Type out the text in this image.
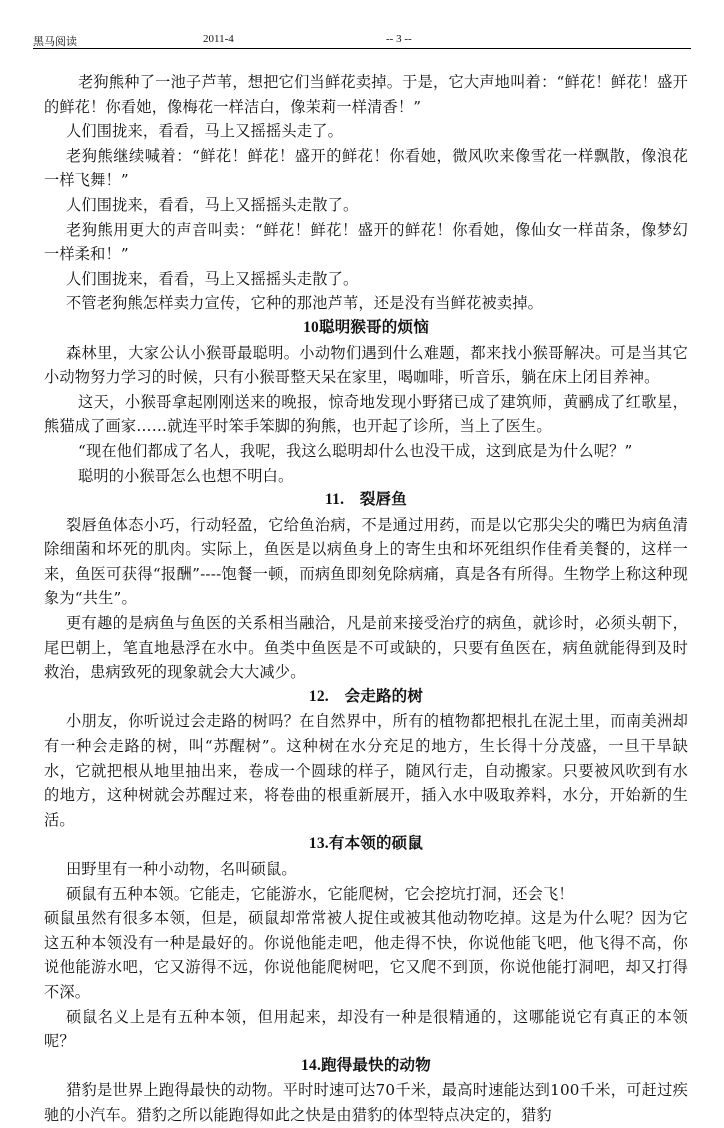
黑马阅读	2011-4	-- 3 --

老狗熊种了一池子芦苇，想把它们当鲜花卖掉。于是，它大声地叫着：“鲜花！鲜花！盛开的鲜花！你看她，像梅花一样洁白，像茉莉一样清香！”

人们围拢来，看看，马上又摇摇头走了。

老狗熊继续喊着：“鲜花！鲜花！盛开的鲜花！你看她，微风吹来像雪花一样飘散，像浪花一样飞舞！”

人们围拢来，看看，马上又摇摇头走散了。

老狗熊用更大的声音叫卖：“鲜花！鲜花！盛开的鲜花！你看她，像仙女一样苗条，像梦幻一样柔和！”

人们围拢来，看看，马上又摇摇头走散了。

不管老狗熊怎样卖力宣传，它种的那池芦苇，还是没有当鲜花被卖掉。

10聪明猴哥的烦恼

森林里，大家公认小猴哥最聪明。小动物们遇到什么难题，都来找小猴哥解决。可是当其它小动物努力学习的时候，只有小猴哥整天呆在家里，喝咖啡，听音乐，躺在床上闭目养神。

这天，小猴哥拿起刚刚送来的晚报，惊奇地发现小野猪已成了建筑师，黄鹂成了红歌星，熊猫成了画家……就连平时笨手笨脚的狗熊，也开起了诊所，当上了医生。

“现在他们都成了名人，我呢，我这么聪明却什么也没干成，这到底是为什么呢？”

聪明的小猴哥怎么也想不明白。

11.　裂唇鱼

裂唇鱼体态小巧，行动轻盈，它给鱼治病，不是通过用药，而是以它那尖尖的嘴巴为病鱼清除细菌和坏死的肌肉。实际上，鱼医是以病鱼身上的寄生虫和坏死组织作佳肴美餐的，这样一来，鱼医可获得“报酬”----饱餐一顿，而病鱼即刻免除病痛，真是各有所得。生物学上称这种现象为“共生”。

更有趣的是病鱼与鱼医的关系相当融洽，凡是前来接受治疗的病鱼，就诊时，必须头朝下，尾巴朝上，笔直地悬浮在水中。鱼类中鱼医是不可或缺的，只要有鱼医在，病鱼就能得到及时救治，患病致死的现象就会大大减少。

12.　会走路的树

小朋友，你听说过会走路的树吗？在自然界中，所有的植物都把根扎在泥土里，而南美洲却有一种会走路的树，叫“苏醒树”。这种树在水分充足的地方，生长得十分茂盛，一旦干旱缺水，它就把根从地里抽出来，卷成一个圆球的样子，随风行走，自动搬家。只要被风吹到有水的地方，这种树就会苏醒过来，将卷曲的根重新展开，插入水中吸取养料，水分，开始新的生活。

13.有本领的硕鼠

田野里有一种小动物，名叫硕鼠。

硕鼠有五种本领。它能走，它能游水，它能爬树，它会挖坑打洞，还会飞！

硕鼠虽然有很多本领，但是，硕鼠却常常被人捉住或被其他动物吃掉。这是为什么呢？因为它这五种本领没有一种是最好的。你说他能走吧，他走得不快，你说他能飞吧，他飞得不高，你说他能游水吧，它又游得不远，你说他能爬树吧，它又爬不到顶，你说他能打洞吧，却又打得不深。

硕鼠名义上是有五种本领，但用起来，却没有一种是很精通的，这哪能说它有真正的本领呢？

14.跑得最快的动物

猎豹是世界上跑得最快的动物。平时时速可达70千米，最高时速能达到100千米，可赶过疾驰的小汽车。猎豹之所以能跑得如此之快是由猎豹的体型特点决定的，猎豹
